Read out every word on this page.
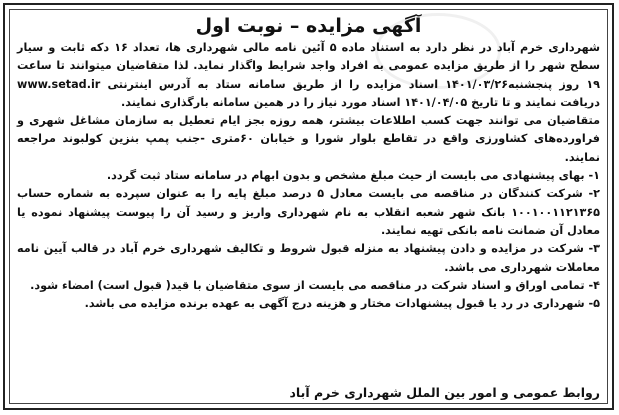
آگهی مزایده – نوبت اول

شهرداری خرم آباد در نظر دارد به استناد ماده ۵ آئین نامه مالی شهرداری ها، تعداد ۱۶ دکه ثابت و سیار سطح شهر را از طریق مزایده عمومی به افراد واجد شرایط واگذار نماید. لذا متقاضیان میتوانند تا ساعت ۱۹ روز پنجشنبه۱۴۰۱/۰۳/۲۶ اسناد مزایده را از طریق سامانه ستاد به آدرس اینترنتی www.setad.ir دریافت نمایند و تا تاریخ ۱۴۰۱/۰۴/۰۵ اسناد مورد نیاز را در همین سامانه بارگذاری نمایند.

متقاضیان می توانند جهت کسب اطلاعات بیشتر، همه روزه بجز ایام تعطیل به سازمان مشاغل شهری و فراورده‌های کشاورزی واقع در تقاطع بلوار شورا و خیابان ۶۰متری -جنب پمپ بنزین کولبوند مراجعه نمایند.

۱- بهای پیشنهادی می بایست از حیث مبلغ مشخص و بدون ابهام در سامانه ستاد ثبت گردد.

۲- شرکت کنندگان در مناقصه می بایست معادل ۵ درصد مبلغ پایه را به عنوان سپرده به شماره حساب ۱۰۰۱۰۰۱۱۲۱۳۶۵ بانک شهر شعبه انقلاب به نام شهرداری واریز و رسید آن را پیوست پیشنهاد نموده یا معادل آن ضمانت نامه بانکی تهیه نمایند.

۳- شرکت در مزایده و دادن پیشنهاد به منزله قبول شروط و تکالیف شهرداری خرم آباد در قالب آیین نامه معاملات شهرداری می باشد.

۴- تمامی اوراق و اسناد شرکت در مناقصه می بایست از سوی متقاضیان با قید( قبول است) امضاء شود.

۵- شهرداری در رد یا قبول پیشنهادات مختار و هزینه درج آگهی به عهده برنده مزایده می باشد.

روابط عمومی و امور بین الملل شهرداری خرم آباد
